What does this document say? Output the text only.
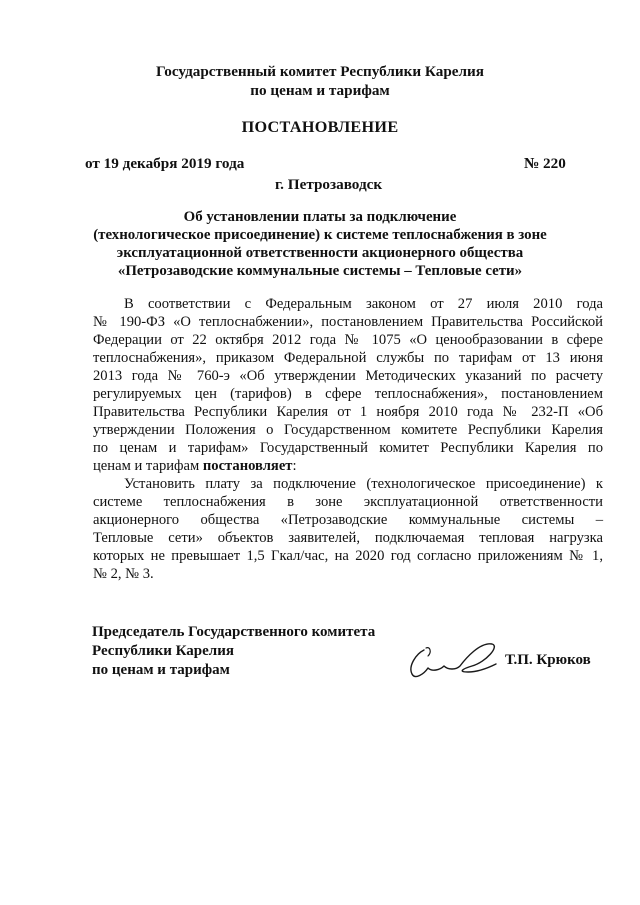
Государственный комитет Республики Карелия
по ценам и тарифам
ПОСТАНОВЛЕНИЕ
от 19 декабря 2019 года	№ 220
г. Петрозаводск
Об установлении платы за подключение
(технологическое присоединение) к системе теплоснабжения в зоне
эксплуатационной ответственности акционерного общества
«Петрозаводские коммунальные системы – Тепловые сети»
В соответствии с Федеральным законом от 27 июля 2010 года
№ 190-ФЗ «О теплоснабжении», постановлением Правительства Российской
Федерации от 22 октября 2012 года № 1075 «О ценообразовании в сфере
теплоснабжения», приказом Федеральной службы по тарифам от 13 июня
2013 года № 760-э «Об утверждении Методических указаний по расчету
регулируемых цен (тарифов) в сфере теплоснабжения», постановлением
Правительства Республики Карелия от 1 ноября 2010 года № 232-П «Об
утверждении Положения о Государственном комитете Республики Карелия
по ценам и тарифам» Государственный комитет Республики Карелия по
ценам и тарифам постановляет:
Установить плату за подключение (технологическое присоединение) к
системе теплоснабжения в зоне эксплуатационной ответственности
акционерного общества «Петрозаводские коммунальные системы –
Тепловые сети» объектов заявителей, подключаемая тепловая нагрузка
которых не превышает 1,5 Гкал/час, на 2020 год согласно приложениям № 1,
№ 2, № 3.
Председатель Государственного комитета
Республики Карелия
по ценам и тарифам
Т.П. Крюков
